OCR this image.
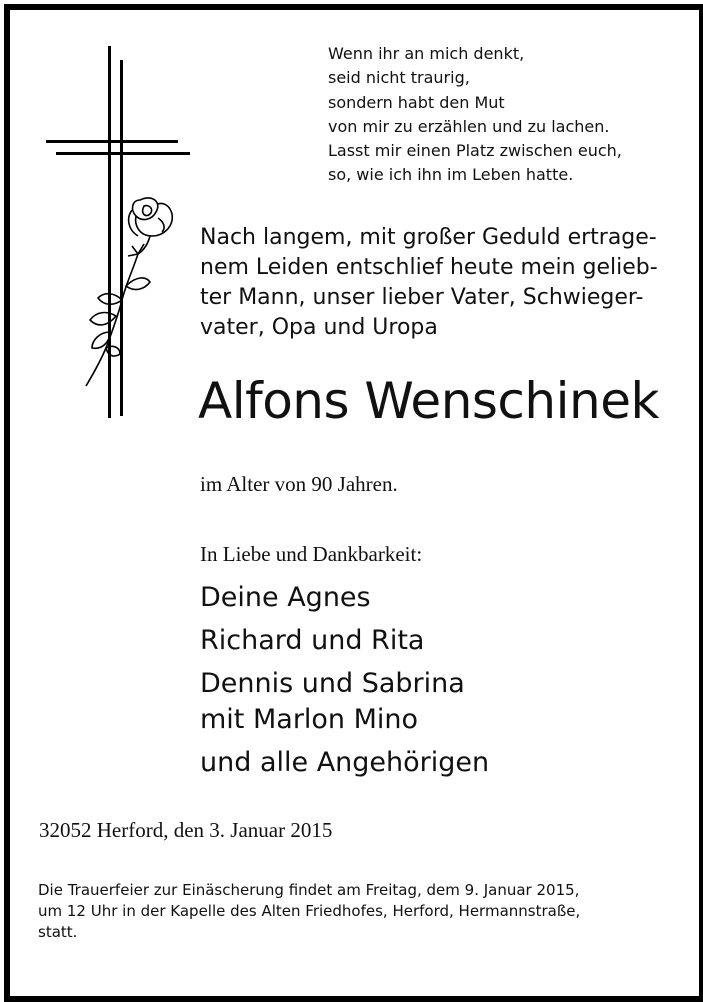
Wenn ihr an mich denkt,
seid nicht traurig,
sondern habt den Mut
von mir zu erzählen und zu lachen.
Lasst mir einen Platz zwischen euch,
so, wie ich ihn im Leben hatte.
Nach langem, mit großer Geduld ertrage-
nem Leiden entschlief heute mein gelieb-
ter Mann, unser lieber Vater, Schwieger-
vater, Opa und Uropa
Alfons Wenschinek
im Alter von 90 Jahren.
In Liebe und Dankbarkeit:
Deine Agnes
Richard und Rita
Dennis und Sabrina
mit Marlon Mino
und alle Angehörigen
32052 Herford, den 3. Januar 2015
Die Trauerfeier zur Einäscherung findet am Freitag, dem 9. Januar 2015,
um 12 Uhr in der Kapelle des Alten Friedhofes, Herford, Hermannstraße,
statt.
